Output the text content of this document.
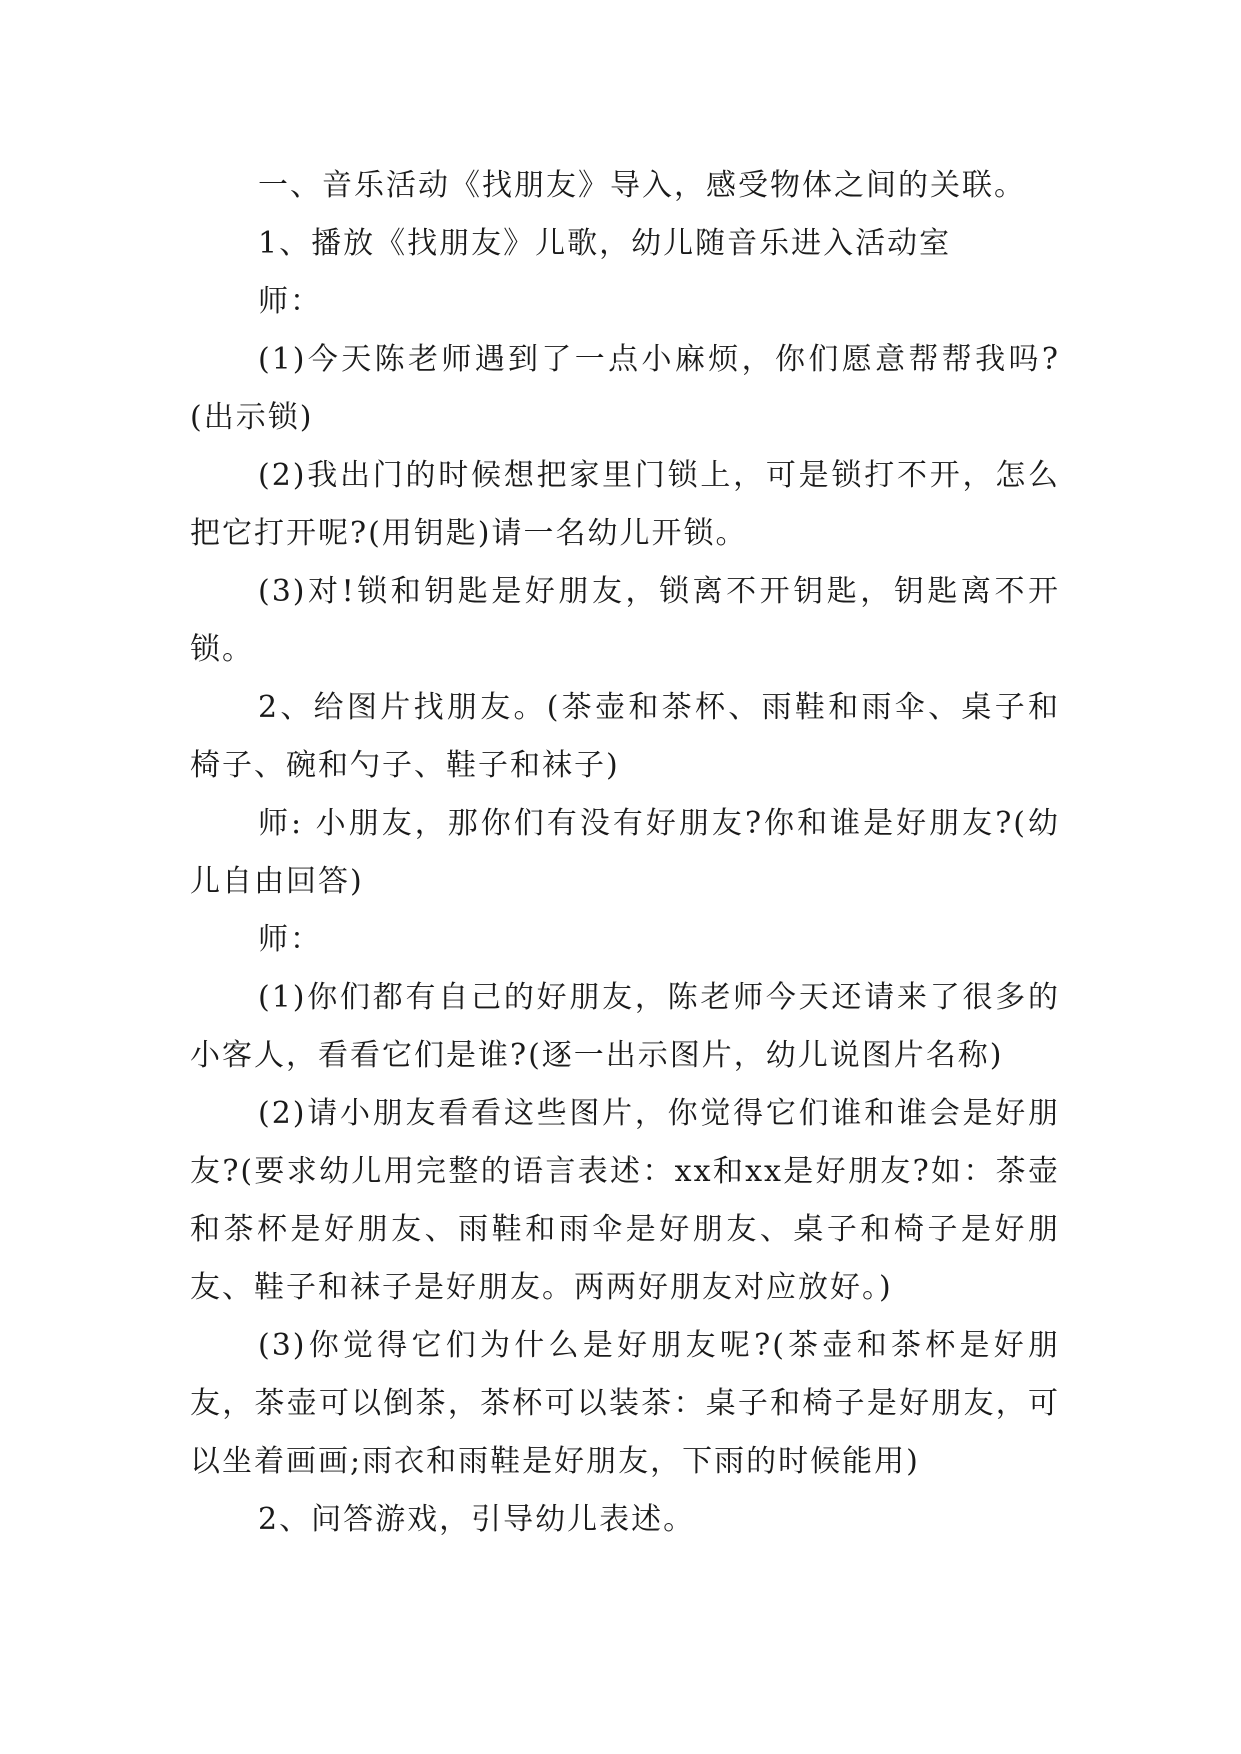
一、音乐活动《找朋友》导入，感受物体之间的关联。

1、播放《找朋友》儿歌，幼儿随音乐进入活动室

师：

(1)今天陈老师遇到了一点小麻烦，你们愿意帮帮我吗?(出示锁)

(2)我出门的时候想把家里门锁上，可是锁打不开，怎么把它打开呢?(用钥匙)请一名幼儿开锁。

(3)对!锁和钥匙是好朋友，锁离不开钥匙，钥匙离不开锁。

2、给图片找朋友。(茶壶和茶杯、雨鞋和雨伞、桌子和椅子、碗和勺子、鞋子和袜子)

师: 小朋友，那你们有没有好朋友?你和谁是好朋友?(幼儿自由回答)

师：

(1)你们都有自己的好朋友，陈老师今天还请来了很多的小客人，看看它们是谁?(逐一出示图片，幼儿说图片名称)

(2)请小朋友看看这些图片，你觉得它们谁和谁会是好朋友?(要求幼儿用完整的语言表述：xx和xx是好朋友?如：茶壶和茶杯是好朋友、雨鞋和雨伞是好朋友、桌子和椅子是好朋友、鞋子和袜子是好朋友。两两好朋友对应放好。)

(3)你觉得它们为什么是好朋友呢?(茶壶和茶杯是好朋友，茶壶可以倒茶，茶杯可以装茶：桌子和椅子是好朋友，可以坐着画画;雨衣和雨鞋是好朋友，下雨的时候能用)

2、问答游戏，引导幼儿表述。
